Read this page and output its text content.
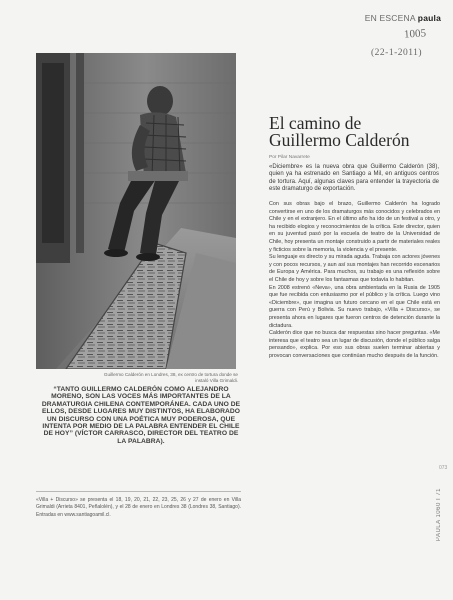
EN ESCENA paula
1005
(22-1-2011)
Guillermo Calderón en Londres, 38, ex centro de tortura donde se instaló Villa Grimaldi.
El camino de
Guillermo Calderón
Por Pilar Navarrete
«Diciembre» es la nueva obra que Guillermo Calderón (38), quien ya ha estrenado en Santiago a Mil, en antiguos centros de tortura. Aquí, algunas claves para entender la trayectoria de este dramaturgo de exportación.

Con sus obras bajo el brazo, Guillermo Calderón ha logrado convertirse en uno de los dramaturgos más conocidos y celebrados en Chile y en el extranjero. En el último año ha ido de un festival a otro, y ha recibido elogios y reconocimientos de la crítica. Este director, quien en su juventud pasó por la escuela de teatro de la Universidad de Chile, hoy presenta un montaje construido a partir de materiales reales y ficticios sobre la memoria, la violencia y el presente.

Su lenguaje es directo y su mirada aguda. Trabaja con actores jóvenes y con pocos recursos, y aun así sus montajes han recorrido escenarios de Europa y América. Para muchos, su trabajo es una reflexión sobre el Chile de hoy y sobre los fantasmas que todavía lo habitan.

En 2008 estrenó «Neva», una obra ambientada en la Rusia de 1905 que fue recibida con entusiasmo por el público y la crítica. Luego vino «Diciembre», que imagina un futuro cercano en el que Chile está en guerra con Perú y Bolivia. Su nuevo trabajo, «Villa + Discurso», se presenta ahora en lugares que fueron centros de detención durante la dictadura.

Calderón dice que no busca dar respuestas sino hacer preguntas. «Me interesa que el teatro sea un lugar de discusión, donde el público salga pensando», explica. Por eso sus obras suelen terminar abiertas y provocan conversaciones que continúan mucho después de la función.

“TANTO GUILLERMO CALDERÓN COMO ALEJANDRO MORENO, SON LAS VOCES MÁS IMPORTANTES DE LA DRAMATURGIA CHILENA CONTEMPORÁNEA. CADA UNO DE ELLOS, DESDE LUGARES MUY DISTINTOS, HA ELABORADO UN DISCURSO CON UNA POÉTICA MUY PODEROSA, QUE INTENTA POR MEDIO DE LA PALABRA ENTENDER EL CHILE DE HOY” (VÍCTOR CARRASCO, DIRECTOR DEL TEATRO DE LA PALABRA).
«Villa + Discurso» se presenta el 18, 19, 20, 21, 22, 23, 25, 26 y 27 de enero en Villa Grimaldi (Arrieta 8401, Peñalolén), y el 28 de enero en Londres 38 (Londres 38, Santiago). Entradas en www.santiagoamil.cl.
073
PAULA 1060 I 71
